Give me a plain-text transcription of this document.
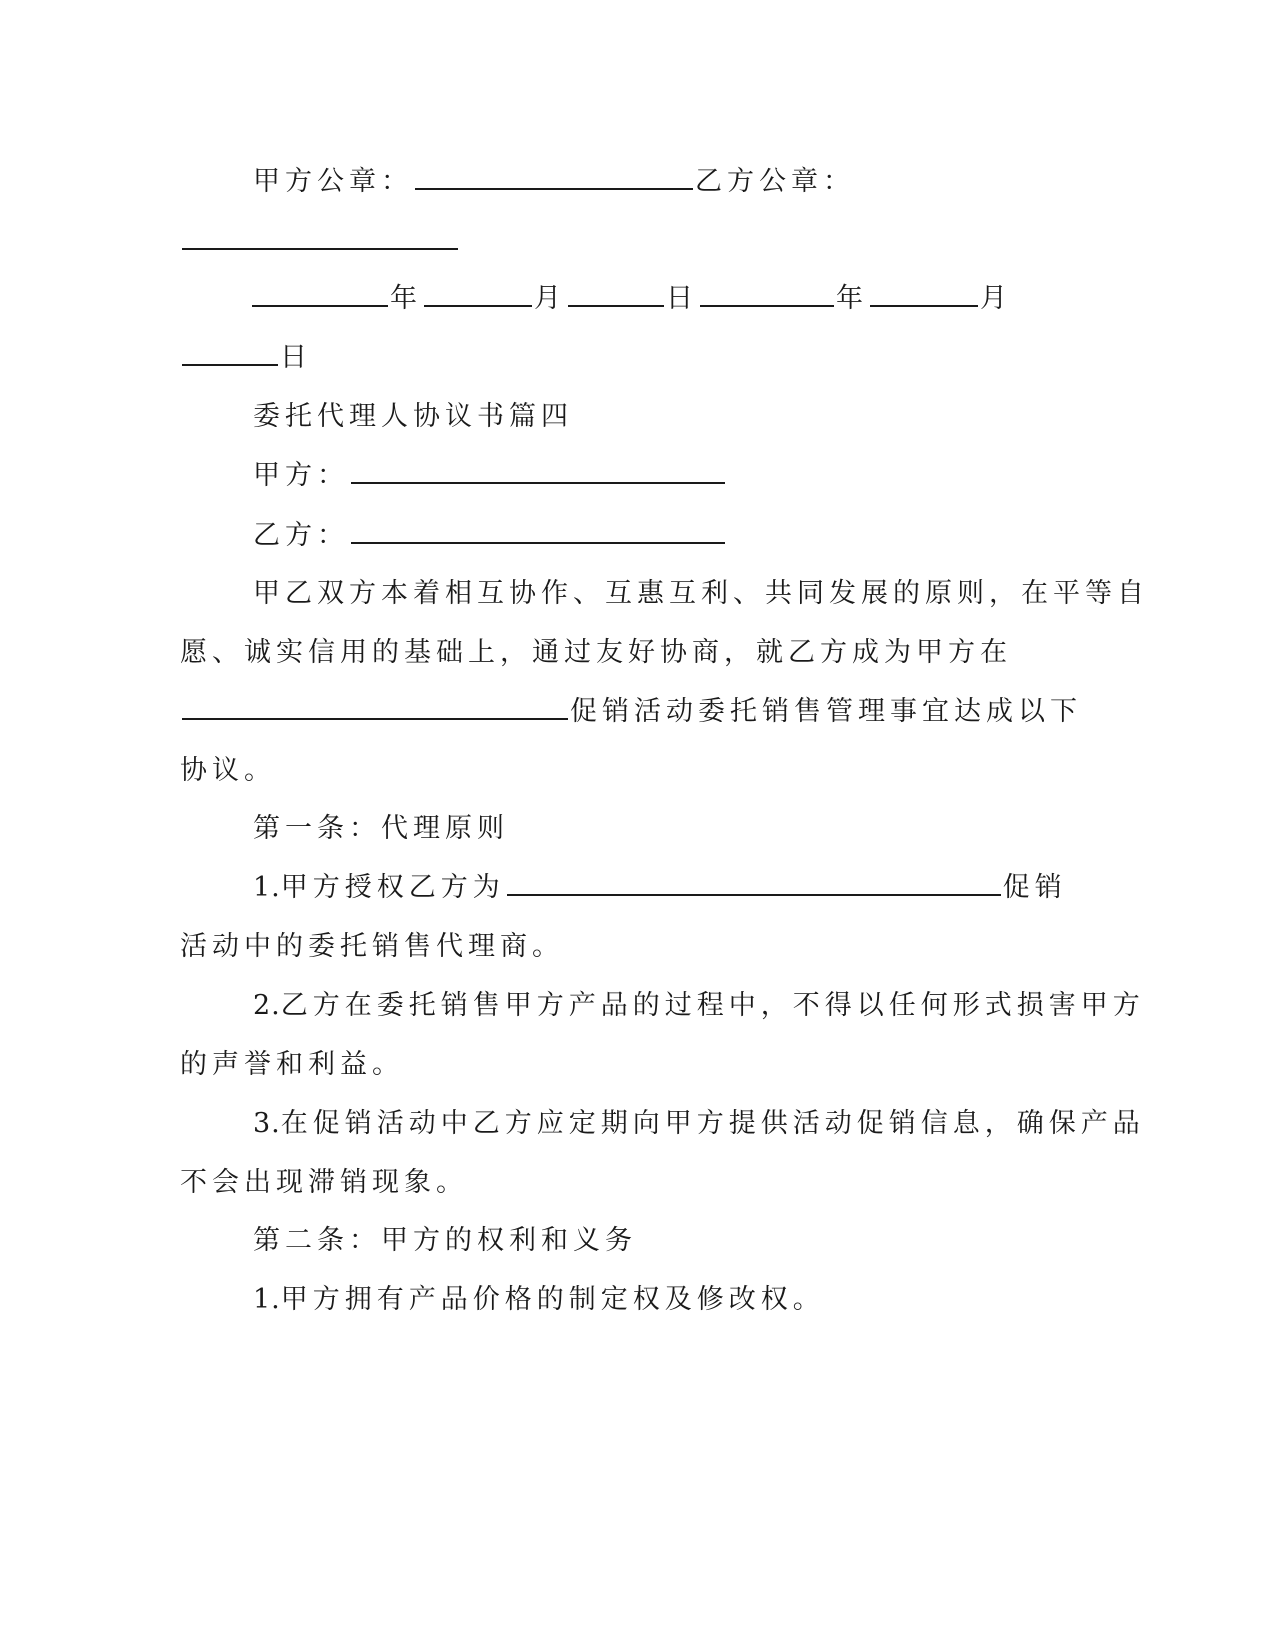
甲方公章：	乙方公章：
年	月	日	年	月
日
委托代理人协议书篇四
甲方：
乙方：
甲乙双方本着相互协作、互惠互利、共同发展的原则，在平等自
愿、诚实信用的基础上，通过友好协商，就乙方成为甲方在
促销活动委托销售管理事宜达成以下
协议。
第一条：代理原则
1.甲方授权乙方为	促销
活动中的委托销售代理商。
2.乙方在委托销售甲方产品的过程中，不得以任何形式损害甲方
的声誉和利益。
3.在促销活动中乙方应定期向甲方提供活动促销信息，确保产品
不会出现滞销现象。
第二条：甲方的权利和义务
1.甲方拥有产品价格的制定权及修改权。
